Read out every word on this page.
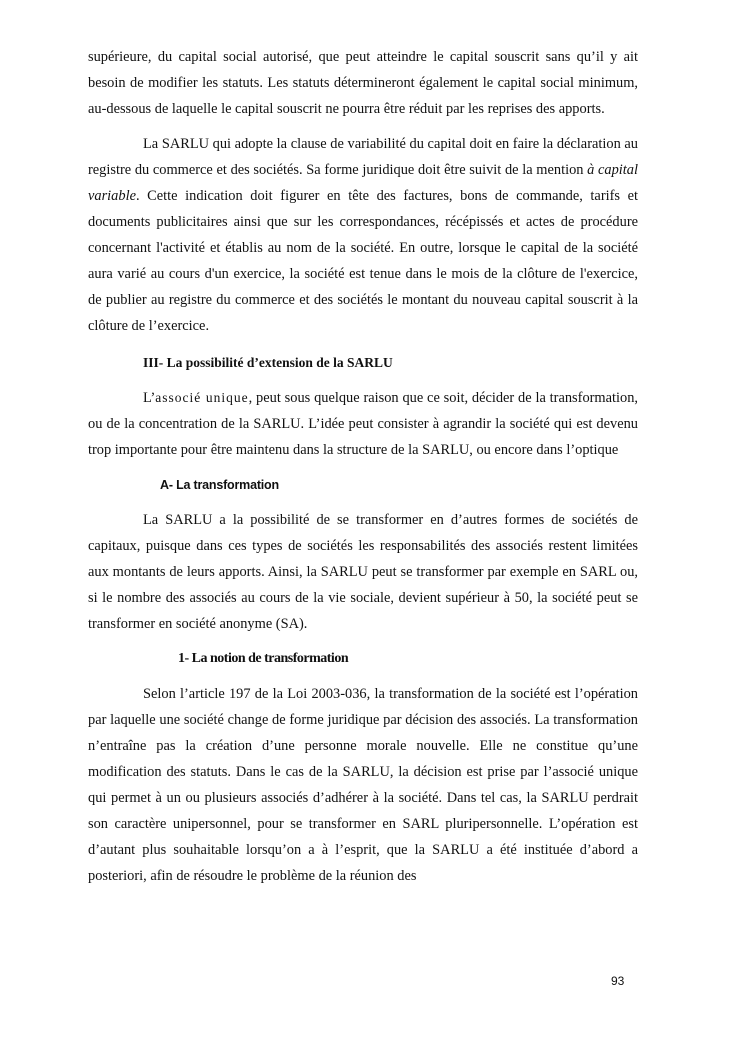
supérieure, du capital social autorisé, que peut atteindre le capital souscrit sans qu’il y ait besoin de modifier les statuts. Les statuts détermineront également le capital social minimum, au-dessous de laquelle le capital souscrit ne pourra être réduit par les reprises des apports.

La SARLU qui adopte la clause de variabilité du capital doit en faire la déclaration au registre du commerce et des sociétés. Sa forme juridique doit être suivit de la mention à capital variable. Cette indication doit figurer en tête des factures, bons de commande, tarifs et documents publicitaires ainsi que sur les correspondances, récépissés et actes de procédure concernant l'activité et établis au nom de la société. En outre, lorsque le capital de la société aura varié au cours d'un exercice, la société est tenue dans le mois de la clôture de l'exercice, de publier au registre du commerce et des sociétés le montant du nouveau capital souscrit à la clôture de l’exercice.

III- La possibilité d’extension de la SARLU

L’associé unique, peut sous quelque raison que ce soit, décider de la transformation, ou de la concentration de la SARLU. L’idée peut consister à agrandir la société qui est devenu trop importante pour être maintenu dans la structure de la SARLU, ou encore dans l’optique

A- La transformation

La SARLU a la possibilité de se transformer en d’autres formes de sociétés de capitaux, puisque dans ces types de sociétés les responsabilités des associés restent limitées aux montants de leurs apports. Ainsi, la SARLU peut se transformer par exemple en SARL ou, si le nombre des associés au cours de la vie sociale, devient supérieur à 50, la société peut se transformer en société anonyme (SA).

1- La notion de transformation

Selon l’article 197 de la Loi 2003-036, la transformation de la société est l’opération par laquelle une société change de forme juridique par décision des associés. La transformation n’entraîne pas la création d’une personne morale nouvelle. Elle ne constitue qu’une modification des statuts. Dans le cas de la SARLU, la décision est prise par l’associé unique qui permet à un ou plusieurs associés d’adhérer à la société. Dans tel cas, la SARLU perdrait son caractère unipersonnel, pour se transformer en SARL pluripersonnelle. L’opération est d’autant plus souhaitable lorsqu’on a à l’esprit, que la SARLU a été instituée d’abord a posteriori, afin de résoudre le problème de la réunion des

93
